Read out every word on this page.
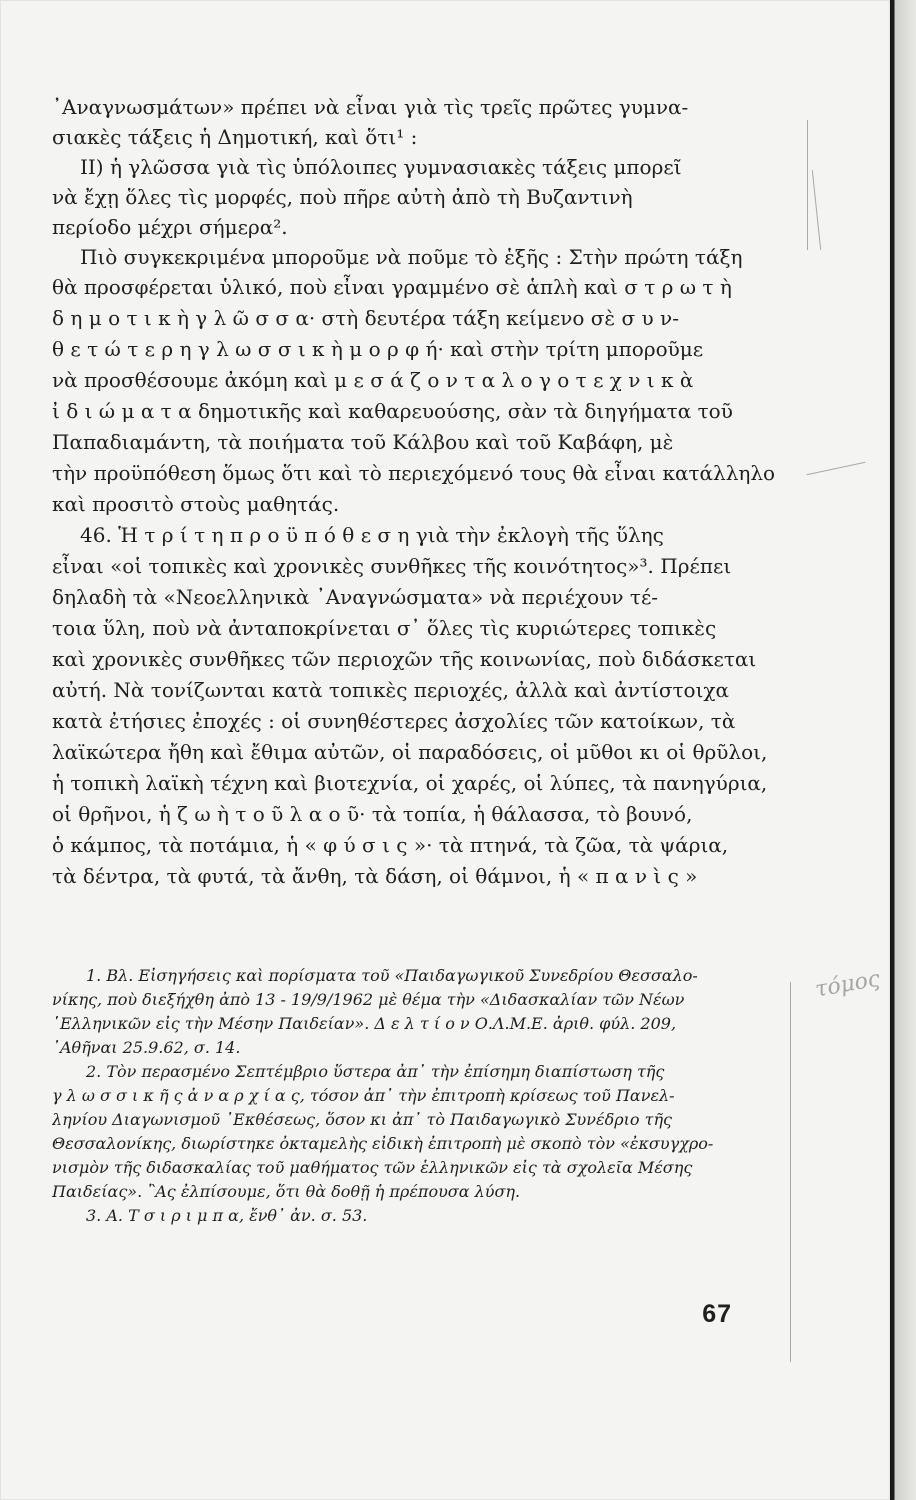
᾿Αναγνωσμάτων» πρέπει νὰ εἶναι γιὰ τὶς τρεῖς πρῶτες γυμνα-
σιακὲς τάξεις ἡ Δημοτική, καὶ ὅτι¹ :
II) ἡ γλῶσσα γιὰ τὶς ὑπόλοιπες γυμνασιακὲς τάξεις μπορεῖ
νὰ ἔχῃ ὅλες τὶς μορφές, ποὺ πῆρε αὐτὴ ἀπὸ τὴ Βυζαντινὴ
περίοδο μέχρι σήμερα².
Πιὸ συγκεκριμένα μποροῦμε νὰ ποῦμε τὸ ἑξῆς : Στὴν πρώτη τάξη
θὰ προσφέρεται ὑλικό, ποὺ εἶναι γραμμένο σὲ ἁπλὴ καὶ σ τ ρ ω τ ὴ
δ η μ ο τ ι κ ὴ γ λ ῶ σ σ α· στὴ δευτέρα τάξη κείμενο σὲ σ υ ν-
θ ε τ ώ τ ε ρ η γ λ ω σ σ ι κ ὴ μ ο ρ φ ή· καὶ στὴν τρίτη μποροῦμε
νὰ προσθέσουμε ἀκόμη καὶ μ ε σ ά ζ ο ν τ α λ ο γ ο τ ε χ ν ι κ ὰ
ἰ δ ι ώ μ α τ α δημοτικῆς καὶ καθαρευούσης, σὰν τὰ διηγήματα τοῦ
Παπαδιαμάντη, τὰ ποιήματα τοῦ Κάλβου καὶ τοῦ Καβάφη, μὲ
τὴν προϋπόθεση ὅμως ὅτι καὶ τὸ περιεχόμενό τους θὰ εἶναι κατάλληλο
καὶ προσιτὸ στοὺς μαθητάς.
46. Ἡ τ ρ ί τ η π ρ ο ϋ π ό θ ε σ η γιὰ τὴν ἐκλογὴ τῆς ὕλης
εἶναι «οἱ τοπικὲς καὶ χρονικὲς συνθῆκες τῆς κοινότητος»³. Πρέπει
δηλαδὴ τὰ «Νεοελληνικὰ ᾿Αναγνώσματα» νὰ περιέχουν τέ-
τοια ὕλη, ποὺ νὰ ἀνταποκρίνεται σ᾿ ὅλες τὶς κυριώτερες τοπικὲς
καὶ χρονικὲς συνθῆκες τῶν περιοχῶν τῆς κοινωνίας, ποὺ διδάσκεται
αὐτή. Νὰ τονίζωνται κατὰ τοπικὲς περιοχές, ἀλλὰ καὶ ἀντίστοιχα
κατὰ ἐτήσιες ἐποχές : οἱ συνηθέστερες ἀσχολίες τῶν κατοίκων, τὰ
λαϊκώτερα ἤθη καὶ ἔθιμα αὐτῶν, οἱ παραδόσεις, οἱ μῦθοι κι οἱ θρῦλοι,
ἡ τοπικὴ λαϊκὴ τέχνη καὶ βιοτεχνία, οἱ χαρές, οἱ λύπες, τὰ πανηγύρια,
οἱ θρῆνοι, ἡ ζ ω ὴ τ ο ῦ λ α ο ῦ· τὰ τοπία, ἡ θάλασσα, τὸ βουνό,
ὁ κάμπος, τὰ ποτάμια, ἡ « φ ύ σ ι ς »· τὰ πτηνά, τὰ ζῶα, τὰ ψάρια,
τὰ δέντρα, τὰ φυτά, τὰ ἄνθη, τὰ δάση, οἱ θάμνοι, ἡ « π α ν ὶ ς »
1. Βλ. Εἰσηγήσεις καὶ πορίσματα τοῦ «Παιδαγωγικοῦ Συνεδρίου Θεσσαλο-
νίκης, ποὺ διεξήχθη ἀπὸ 13 - 19/9/1962 μὲ θέμα τὴν «Διδασκαλίαν τῶν Νέων
῾Ελληνικῶν εἰς τὴν Μέσην Παιδείαν». Δ ε λ τ ί ο ν Ο.Λ.Μ.Ε. ἀριθ. φύλ. 209,
᾿Αθῆναι 25.9.62, σ. 14.
2. Τὸν περασμένο Σεπτέμβριο ὕστερα ἀπ᾿ τὴν ἐπίσημη διαπίστωση τῆς
γ λ ω σ σ ι κ ῆ ς ἀ ν α ρ χ ί α ς, τόσον ἀπ᾿ τὴν ἐπιτροπὴ κρίσεως τοῦ Πανελ-
ληνίου Διαγωνισμοῦ ᾿Εκθέσεως, ὅσον κι ἀπ᾿ τὸ Παιδαγωγικὸ Συνέδριο τῆς
Θεσσαλονίκης, διωρίστηκε ὀκταμελὴς εἰδικὴ ἐπιτροπὴ μὲ σκοπὸ τὸν «ἐκσυγχρο-
νισμὸν τῆς διδασκαλίας τοῦ μαθήματος τῶν ἑλληνικῶν εἰς τὰ σχολεῖα Μέσης
Παιδείας». ῍Ας ἐλπίσουμε, ὅτι θὰ δοθῇ ἡ πρέπουσα λύση.
3. Α. Τ σ ι ρ ι μ π α, ἔνθ᾿ ἀν. σ. 53.
τόμος
67
